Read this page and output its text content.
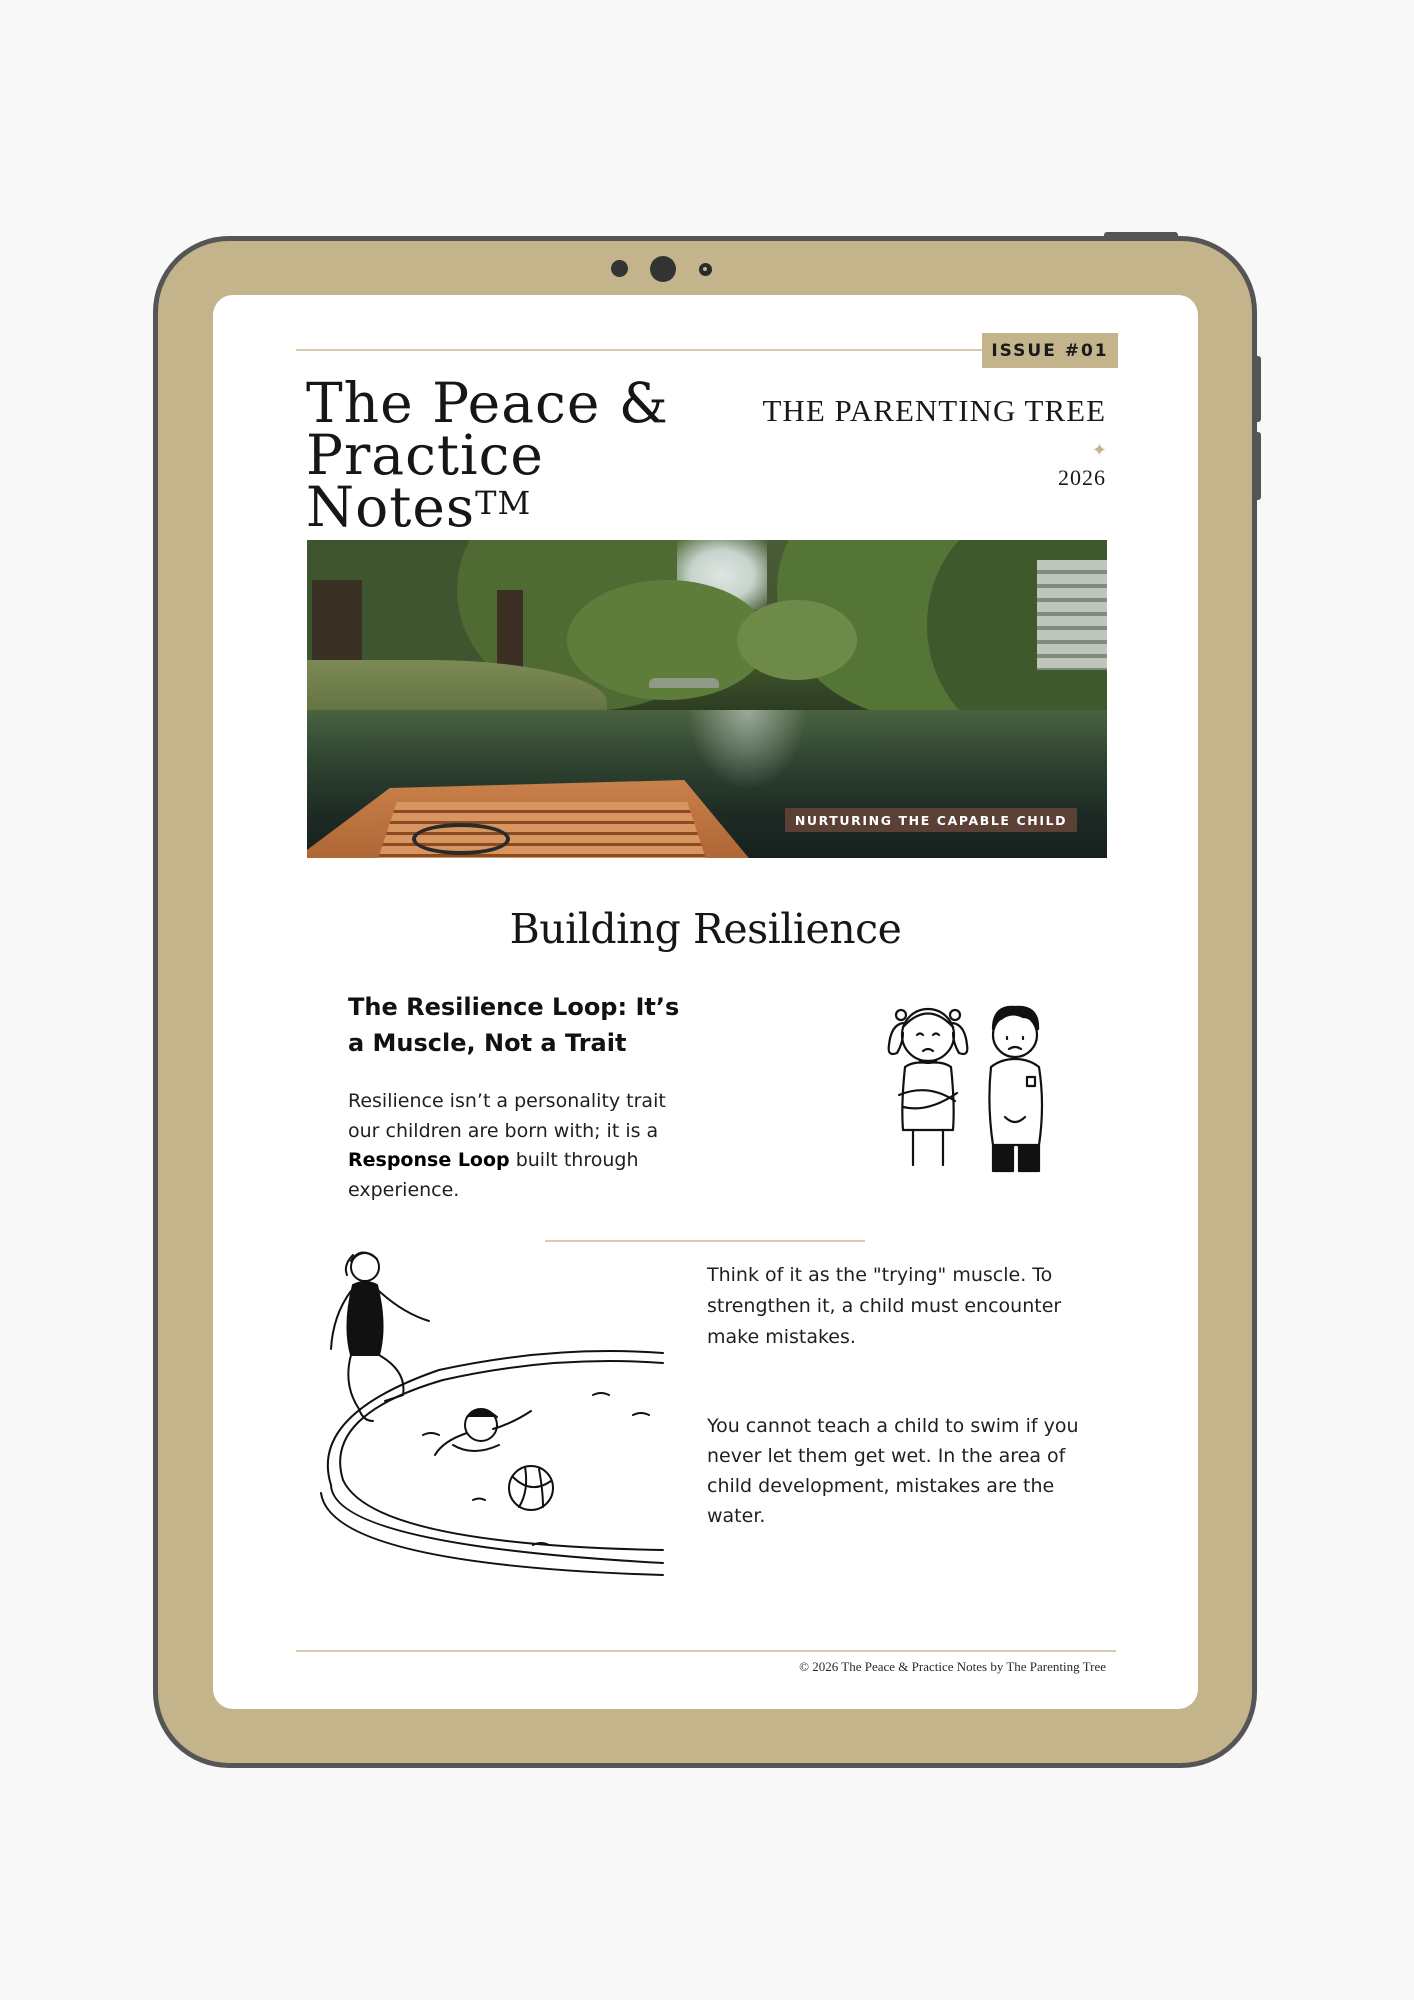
ISSUE #01
The Peace &
Practice Notes™
THE PARENTING TREE
✦
2026
NURTURING THE CAPABLE CHILD
Building Resilience
The Resilience Loop: It’s
a Muscle, Not a Trait

Resilience isn’t a personality trait our children are born with; it is a Response Loop built through experience.

Think of it as the "trying" muscle. To strengthen it, a child must encounter make mistakes.

You cannot teach a child to swim if you never let them get wet. In the area of child development, mistakes are the water.

© 2026 The Peace & Practice Notes by The Parenting Tree
